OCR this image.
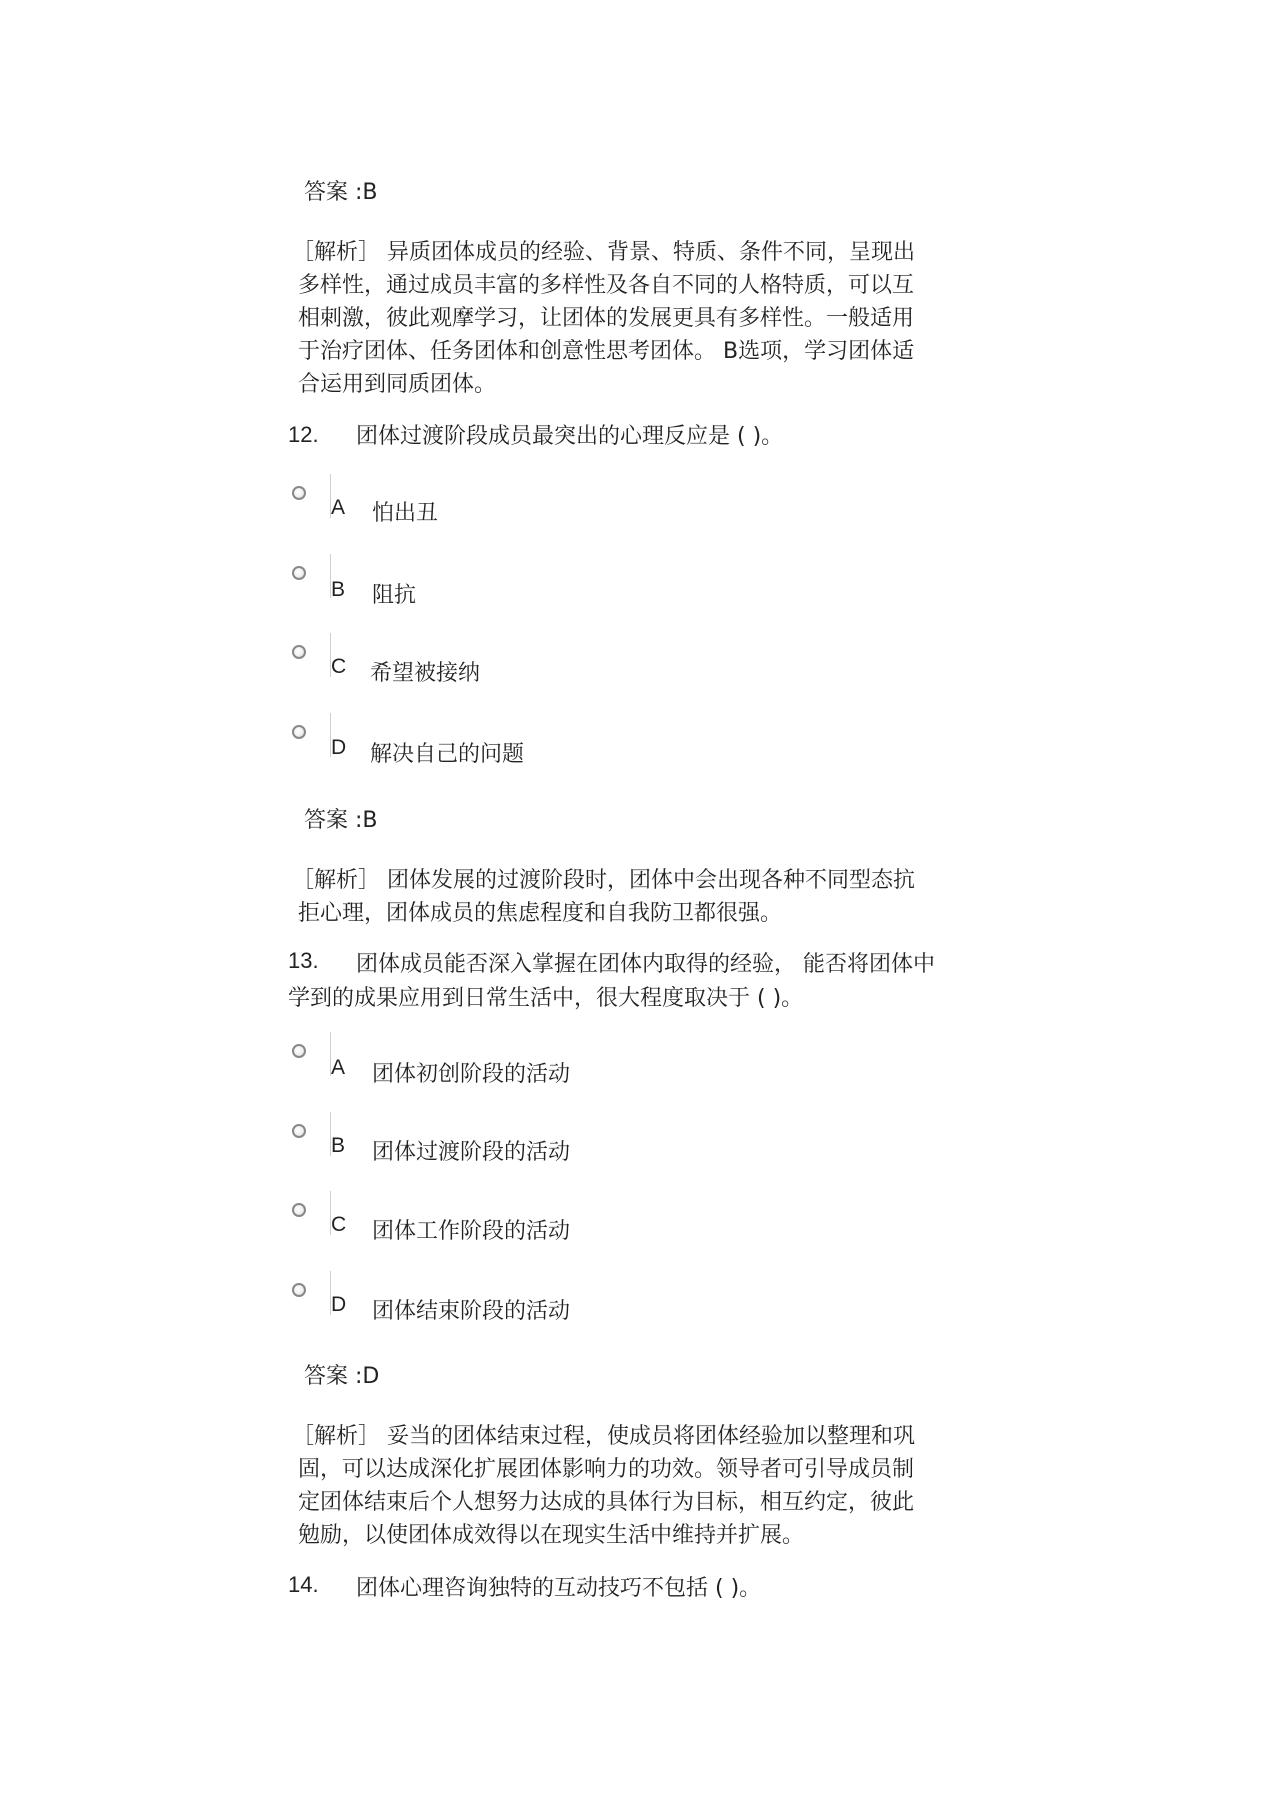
答案 :B
［解析］ 异质团体成员的经验、背景、特质、条件不同，呈现出
多样性，通过成员丰富的多样性及各自不同的人格特质，可以互
相刺激，彼此观摩学习，让团体的发展更具有多样性。一般适用
于治疗团体、任务团体和创意性思考团体。 B选项，学习团体适
合运用到同质团体。
12. 团体过渡阶段成员最突出的心理反应是 ( )。
A 怕出丑
B 阻抗
C 希望被接纳
D 解决自己的问题
答案 :B
［解析］ 团体发展的过渡阶段时，团体中会出现各种不同型态抗
拒心理，团体成员的焦虑程度和自我防卫都很强。
13. 团体成员能否深入掌握在团体内取得的经验， 能否将团体中
学到的成果应用到日常生活中，很大程度取决于 ( )。
A 团体初创阶段的活动
B 团体过渡阶段的活动
C 团体工作阶段的活动
D 团体结束阶段的活动
答案 :D
［解析］ 妥当的团体结束过程，使成员将团体经验加以整理和巩
固，可以达成深化扩展团体影响力的功效。领导者可引导成员制
定团体结束后个人想努力达成的具体行为目标，相互约定，彼此
勉励，以使团体成效得以在现实生活中维持并扩展。
14. 团体心理咨询独特的互动技巧不包括 ( )。
